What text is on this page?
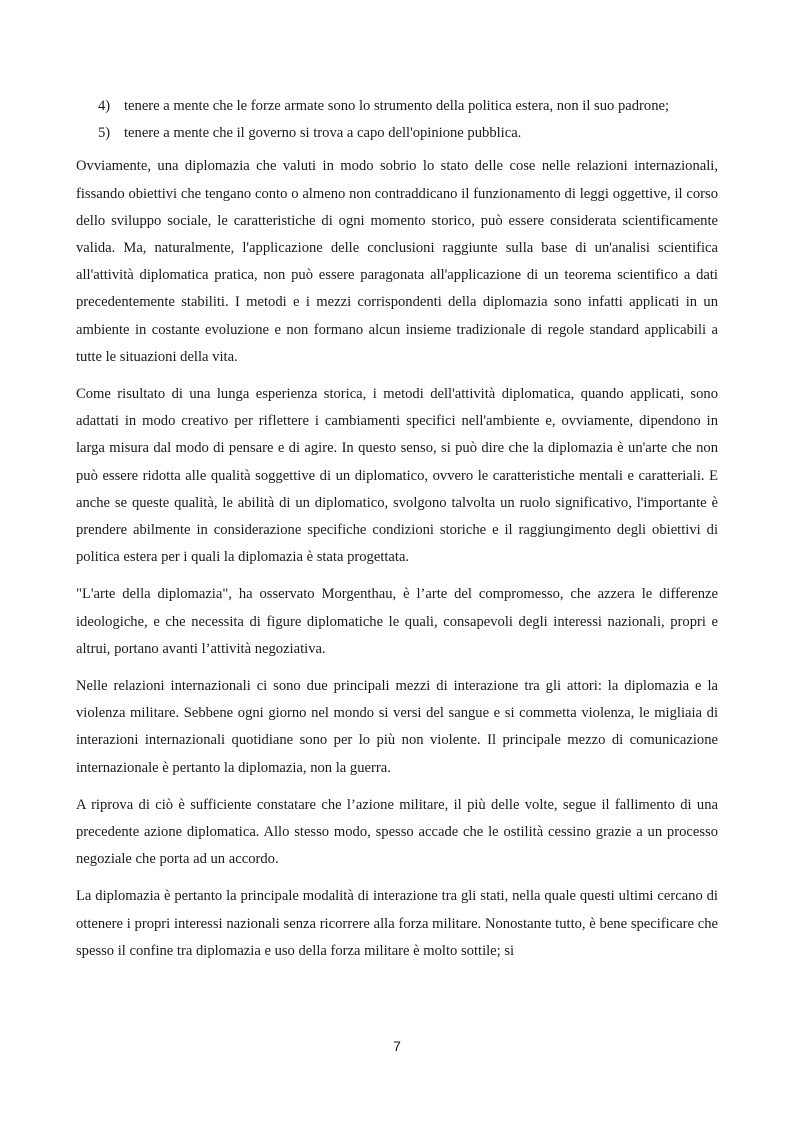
4) tenere a mente che le forze armate sono lo strumento della politica estera, non il suo padrone;
5) tenere a mente che il governo si trova a capo dell'opinione pubblica.

Ovviamente, una diplomazia che valuti in modo sobrio lo stato delle cose nelle relazioni internazionali, fissando obiettivi che tengano conto o almeno non contraddicano il funzionamento di leggi oggettive, il corso dello sviluppo sociale, le caratteristiche di ogni momento storico, può essere considerata scientificamente valida. Ma, naturalmente, l'applicazione delle conclusioni raggiunte sulla base di un'analisi scientifica all'attività diplomatica pratica, non può essere paragonata all'applicazione di un teorema scientifico a dati precedentemente stabiliti. I metodi e i mezzi corrispondenti della diplomazia sono infatti applicati in un ambiente in costante evoluzione e non formano alcun insieme tradizionale di regole standard applicabili a tutte le situazioni della vita.

Come risultato di una lunga esperienza storica, i metodi dell'attività diplomatica, quando applicati, sono adattati in modo creativo per riflettere i cambiamenti specifici nell'ambiente e, ovviamente, dipendono in larga misura dal modo di pensare e di agire. In questo senso, si può dire che la diplomazia è un'arte che non può essere ridotta alle qualità soggettive di un diplomatico, ovvero le caratteristiche mentali e caratteriali. E anche se queste qualità, le abilità di un diplomatico, svolgono talvolta un ruolo significativo, l'importante è prendere abilmente in considerazione specifiche condizioni storiche e il raggiungimento degli obiettivi di politica estera per i quali la diplomazia è stata progettata.

"L'arte della diplomazia", ha osservato Morgenthau, è l’arte del compromesso, che azzera le differenze ideologiche, e che necessita di figure diplomatiche le quali, consapevoli degli interessi nazionali, propri e altrui, portano avanti l’attività negoziativa.

Nelle relazioni internazionali ci sono due principali mezzi di interazione tra gli attori: la diplomazia e la violenza militare. Sebbene ogni giorno nel mondo si versi del sangue e si commetta violenza, le migliaia di interazioni internazionali quotidiane sono per lo più non violente. Il principale mezzo di comunicazione internazionale è pertanto la diplomazia, non la guerra.

A riprova di ciò è sufficiente constatare che l’azione militare, il più delle volte, segue il fallimento di una precedente azione diplomatica. Allo stesso modo, spesso accade che le ostilità cessino grazie a un processo negoziale che porta ad un accordo.

La diplomazia è pertanto la principale modalità di interazione tra gli stati, nella quale questi ultimi cercano di ottenere i propri interessi nazionali senza ricorrere alla forza militare. Nonostante tutto, è bene specificare che spesso il confine tra diplomazia e uso della forza militare è molto sottile; si

7
